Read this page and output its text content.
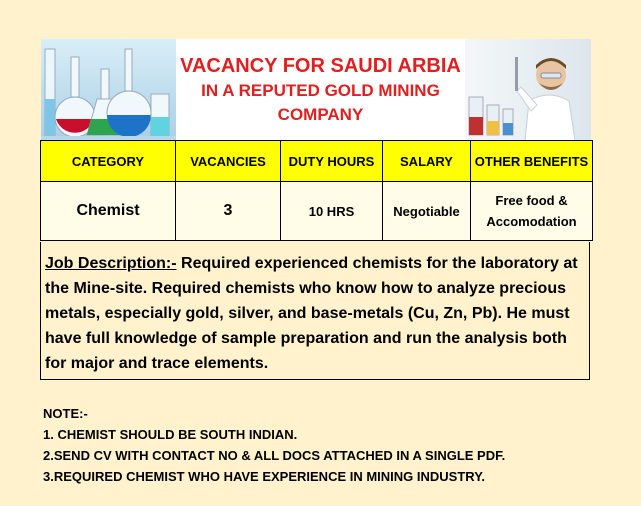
VACANCY FOR SAUDI ARBIA
IN A REPUTED GOLD MINING
COMPANY
CATEGORY	VACANCIES	DUTY HOURS	SALARY	OTHER BENEFITS
Chemist	3	10 HRS	Negotiable	Free food &
Accomodation
Job Description:- Required experienced chemists for the laboratory at the Mine-site. Required chemists who know how to analyze precious metals, especially gold, silver, and base-metals (Cu, Zn, Pb). He must have full knowledge of sample preparation and run the analysis both for major and trace elements.
NOTE:-
1. CHEMIST SHOULD BE SOUTH INDIAN.
2.SEND CV WITH CONTACT NO & ALL DOCS ATTACHED IN A SINGLE PDF.
3.REQUIRED CHEMIST WHO HAVE EXPERIENCE IN MINING INDUSTRY.
